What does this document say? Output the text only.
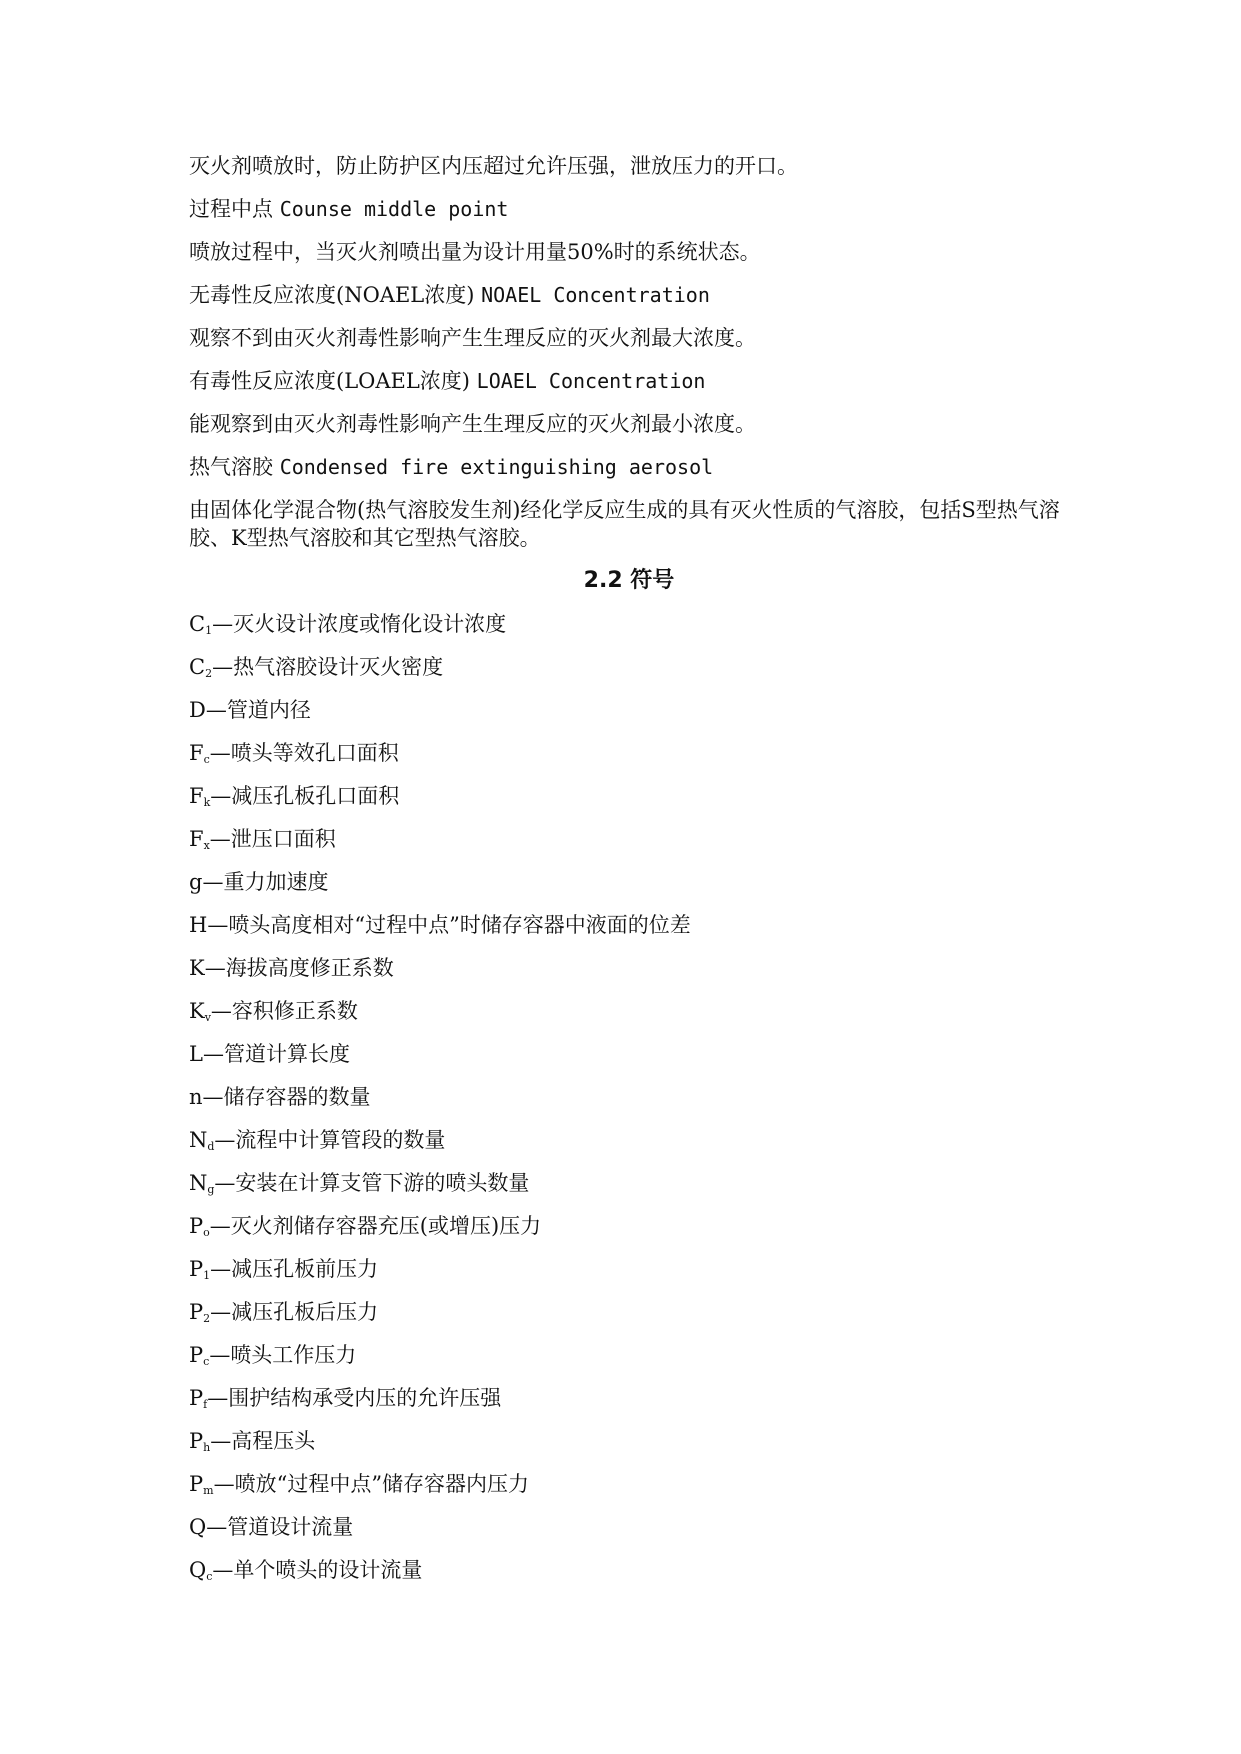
灭火剂喷放时，防止防护区内压超过允许压强，泄放压力的开口。

过程中点 Counse middle point

喷放过程中，当灭火剂喷出量为设计用量50%时的系统状态。

无毒性反应浓度(NOAEL浓度) NOAEL Concentration

观察不到由灭火剂毒性影响产生生理反应的灭火剂最大浓度。

有毒性反应浓度(LOAEL浓度) LOAEL Concentration

能观察到由灭火剂毒性影响产生生理反应的灭火剂最小浓度。

热气溶胶 Condensed fire extinguishing aerosol

由固体化学混合物(热气溶胶发生剂)经化学反应生成的具有灭火性质的气溶胶，包括S型热气溶胶、K型热气溶胶和其它型热气溶胶。

2.2 符号

$C_1—$灭火设计浓度或惰化设计浓度

$C_2—$热气溶胶设计灭火密度

D—管道内径

$F_c—$喷头等效孔口面积

$F_k—$减压孔板孔口面积

$F_x—$泄压口面积

g—重力加速度

H—喷头高度相对“过程中点”时储存容器中液面的位差

K—海拔高度修正系数

$K_v—$容积修正系数

L—管道计算长度

n—储存容器的数量

$N_d—$流程中计算管段的数量

$N_g—$安装在计算支管下游的喷头数量

$P_o—$灭火剂储存容器充压(或增压)压力

$P_1—$减压孔板前压力

$P_2—$减压孔板后压力

$P_c—$喷头工作压力

$P_f—$围护结构承受内压的允许压强

$P_h—$高程压头

$P_m—$喷放“过程中点”储存容器内压力

Q—管道设计流量

$Q_c—$单个喷头的设计流量
